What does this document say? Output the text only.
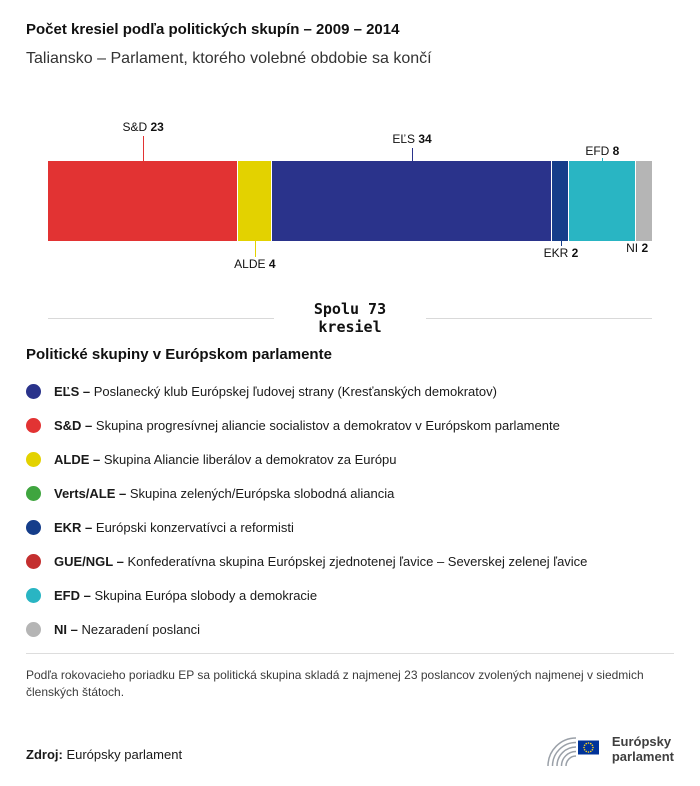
Počet kresiel podľa politických skupín – 2009 – 2014
Taliansko – Parlament, ktorého volebné obdobie sa končí
S&D 23
ALDE 4
EĽS 34
EKR 2
EFD 8
NI 2
Spolu 73
kresiel
Politické skupiny v Európskom parlamente
EĽS – Poslanecký klub Európskej ľudovej strany (Kresťanských demokratov)
S&D – Skupina progresívnej aliancie socialistov a demokratov v Európskom parlamente
ALDE – Skupina Aliancie liberálov a demokratov za Európu
Verts/ALE – Skupina zelených/Európska slobodná aliancia
EKR – Európski konzervatívci a reformisti
GUE/NGL – Konfederatívna skupina Európskej zjednotenej ľavice – Severskej zelenej ľavice
EFD – Skupina Európa slobody a demokracie
NI – Nezaradení poslanci
Podľa rokovacieho poriadku EP sa politická skupina skladá z najmenej 23 poslancov zvolených najmenej v siedmich členských štátoch.
Zdroj: Európsky parlament
Európsky
parlament
